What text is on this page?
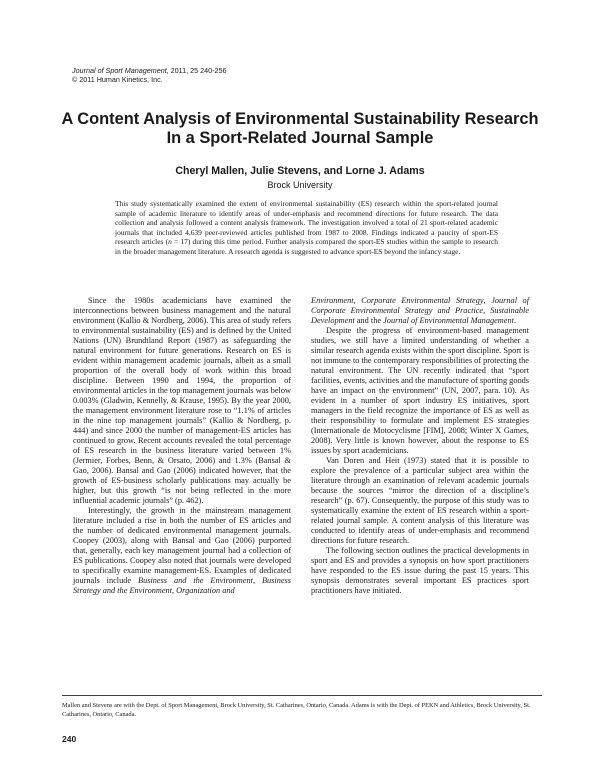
Journal of Sport Management, 2011, 25 240-256
© 2011 Human Kinetics, Inc.
A Content Analysis of Environmental Sustainability Research
In a Sport-Related Journal Sample
Cheryl Mallen, Julie Stevens, and Lorne J. Adams
Brock University

This study systematically examined the extent of environmental sustainability (ES) research within the sport-related journal sample of academic literature to identify areas of under-emphasis and recommend directions for future research. The data collection and analysis followed a content analysis framework. The investigation involved a total of 21 sport-related academic journals that included 4,639 peer-reviewed articles published from 1987 to 2008. Findings indicated a paucity of sport-ES research articles (n = 17) during this time period. Further analysis compared the sport-ES studies within the sample to research in the broader management literature. A research agenda is suggested to advance sport-ES beyond the infancy stage.

Since the 1980s academicians have examined the interconnections between business management and the natural environment (Kallio & Nordberg, 2006). This area of study refers to environmental sustainability (ES) and is defined by the United Nations (UN) Brundtland Report (1987) as safeguarding the natural environment for future generations. Research on ES is evident within management academic journals, albeit as a small proportion of the overall body of work within this broad discipline. Between 1990 and 1994, the proportion of environmental articles in the top management journals was below 0.003% (Gladwin, Kennelly, & Krause, 1995). By the year 2000, the management environment literature rose to “1.1% of articles in the nine top management journals” (Kallio & Nordberg, p. 444) and since 2000 the number of management-ES articles has continued to grow. Recent accounts revealed the total percentage of ES research in the business literature varied between 1% (Jermier, Forbes, Benn, & Orsato, 2006) and 1.3% (Bansal & Gao, 2006). Bansal and Gao (2006) indicated however, that the growth of ES-business scholarly publications may actually be higher, but this growth “is not being reflected in the more influential academic journals” (p. 462).

Interestingly, the growth in the mainstream management literature included a rise in both the number of ES articles and the number of dedicated environmental management journals. Coopey (2003), along with Bansal and Gao (2006) purported that, generally, each key management journal had a collection of ES publications. Coopey also noted that journals were developed to specifically examine management-ES. Examples of dedicated journals include Business and the Environment, Business Strategy and the Environment, Organization and

Environment, Corporate Environmental Strategy, Journal of Corporate Environmental Strategy and Practice, Sustainable Development and the Journal of Environmental Management.

Despite the progress of environment-based management studies, we still have a limited understanding of whether a similar research agenda exists within the sport discipline. Sport is not immune to the contemporary responsibilities of protecting the natural environment. The UN recently indicated that “sport facilities, events, activities and the manufacture of sporting goods have an impact on the environment” (UN, 2007, para. 10). As evident in a number of sport industry ES initiatives, sport managers in the field recognize the importance of ES as well as their responsibility to formulate and implement ES strategies (Internationale de Motocyclisme [FIM], 2008; Winter X Games, 2008). Very little is known however, about the response to ES issues by sport academicians.

Van Doren and Heit (1973) stated that it is possible to explore the prevalence of a particular subject area within the literature through an examination of relevant academic journals because the sources “mirror the direction of a discipline’s research” (p. 67). Consequently, the purpose of this study was to systematically examine the extent of ES research within a sport-related journal sample. A content analysis of this literature was conducted to identify areas of under-emphasis and recommend directions for future research.

The following section outlines the practical developments in sport and ES and provides a synopsis on how sport practitioners have responded to the ES issue during the past 15 years. This synopsis demonstrates several important ES practices sport practitioners have initiated.

Mallen and Stevens are with the Dept. of Sport Management, Brock University, St. Catharines, Ontario, Canada. Adams is with the Dept. of PEKN and Athletics, Brock University, St. Catharines, Ontario, Canada.
240
